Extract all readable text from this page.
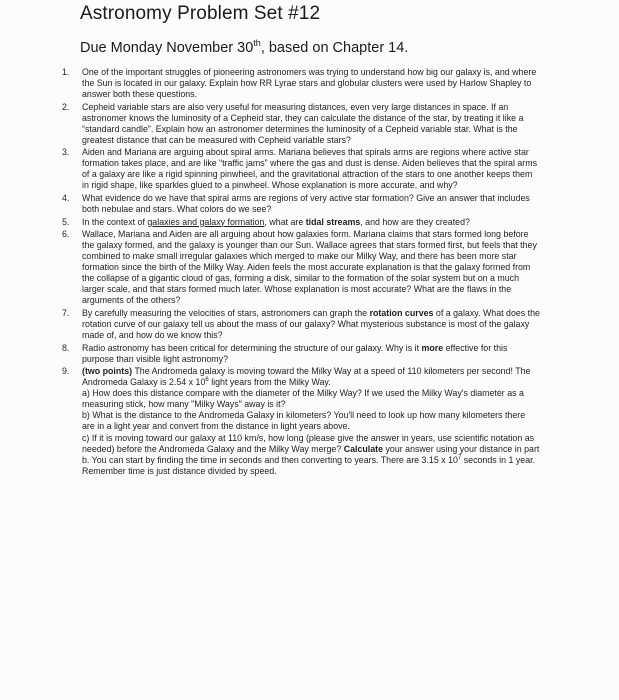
Astronomy Problem Set #12
Due Monday November 30th, based on Chapter 14.
1. One of the important struggles of pioneering astronomers was trying to understand how big our galaxy is, and where the Sun is located in our galaxy. Explain how RR Lyrae stars and globular clusters were used by Harlow Shapley to answer both these questions.
2. Cepheid variable stars are also very useful for measuring distances, even very large distances in space. If an astronomer knows the luminosity of a Cepheid star, they can calculate the distance of the star, by treating it like a “standard candle”. Explain how an astronomer determines the luminosity of a Cepheid variable star. What is the greatest distance that can be measured with Cepheid variable stars?
3. Aiden and Mariana are arguing about spiral arms. Mariana believes that spirals arms are regions where active star formation takes place, and are like “traffic jams” where the gas and dust is dense. Aiden believes that the spiral arms of a galaxy are like a rigid spinning pinwheel, and the gravitational attraction of the stars to one another keeps them in rigid shape, like sparkles glued to a pinwheel. Whose explanation is more accurate, and why?
4. What evidence do we have that spiral arms are regions of very active star formation? Give an answer that includes both nebulae and stars. What colors do we see?
5. In the context of galaxies and galaxy formation, what are tidal streams, and how are they created?
6. Wallace, Mariana and Aiden are all arguing about how galaxies form. Mariana claims that stars formed long before the galaxy formed, and the galaxy is younger than our Sun. Wallace agrees that stars formed first, but feels that they combined to make small irregular galaxies which merged to make our Milky Way, and there has been more star formation since the birth of the Milky Way. Aiden feels the most accurate explanation is that the galaxy formed from the collapse of a gigantic cloud of gas, forming a disk, similar to the formation of the solar system but on a much larger scale, and that stars formed much later. Whose explanation is most accurate? What are the flaws in the arguments of the others?
7. By carefully measuring the velocities of stars, astronomers can graph the rotation curves of a galaxy. What does the rotation curve of our galaxy tell us about the mass of our galaxy? What mysterious substance is most of the galaxy made of, and how do we know this?
8. Radio astronomy has been critical for determining the structure of our galaxy. Why is it more effective for this purpose than visible light astronomy?
9. (two points) The Andromeda galaxy is moving toward the Milky Way at a speed of 110 kilometers per second! The Andromeda Galaxy is 2.54 x $10^6$ light years from the Milky Way.
a) How does this distance compare with the diameter of the Milky Way? If we used the Milky Way's diameter as a measuring stick, how many "Milky Ways" away is it?
b) What is the distance to the Andromeda Galaxy in kilometers? You'll need to look up how many kilometers there are in a light year and convert from the distance in light years above.
c) If it is moving toward our galaxy at 110 km/s, how long (please give the answer in years, use scientific notation as needed) before the Andromeda Galaxy and the Milky Way merge? Calculate your answer using your distance in part b. You can start by finding the time in seconds and then converting to years. There are 3.15 x $10^7$ seconds in 1 year. Remember time is just distance divided by speed.
